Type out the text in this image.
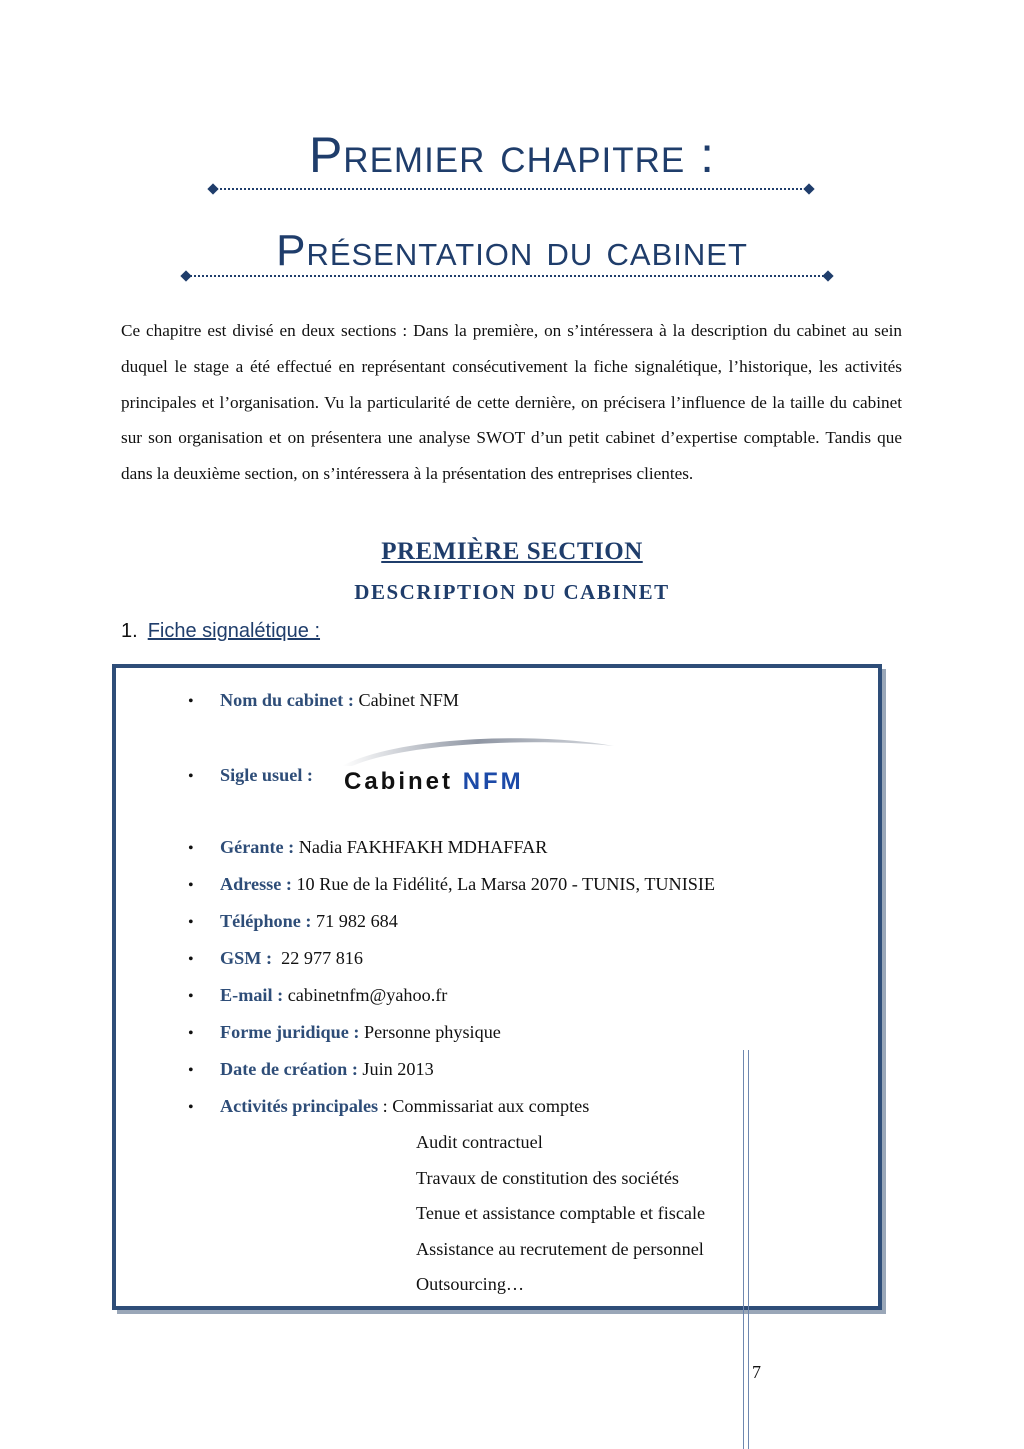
Premier chapitre :
Présentation du cabinet

Ce chapitre est divisé en deux sections : Dans la première, on s’intéressera à la description du cabinet au sein duquel le stage a été effectué en représentant consécutivement la fiche signalétique, l’historique, les activités principales et l’organisation. Vu la particularité de cette dernière, on précisera l’influence de la taille du cabinet sur son organisation et on présentera une analyse SWOT d’un petit cabinet d’expertise comptable. Tandis que dans la deuxième section, on s’intéressera à la présentation des entreprises clientes.

PREMIÈRE SECTION
DESCRIPTION DU CABINET
1. Fiche signalétique :
• Nom du cabinet : Cabinet NFM
• Sigle usuel : Cabinet NFM
• Gérante : Nadia FAKHFAKH MDHAFFAR
• Adresse : 10 Rue de la Fidélité, La Marsa 2070 - TUNIS, TUNISIE
• Téléphone : 71 982 684
• GSM :  22 977 816
• E-mail : cabinetnfm@yahoo.fr
• Forme juridique : Personne physique
• Date de création : Juin 2013
• Activités principales : Commissariat aux comptes
Audit contractuel
Travaux de constitution des sociétés
Tenue et assistance comptable et fiscale
Assistance au recrutement de personnel
Outsourcing…
7
